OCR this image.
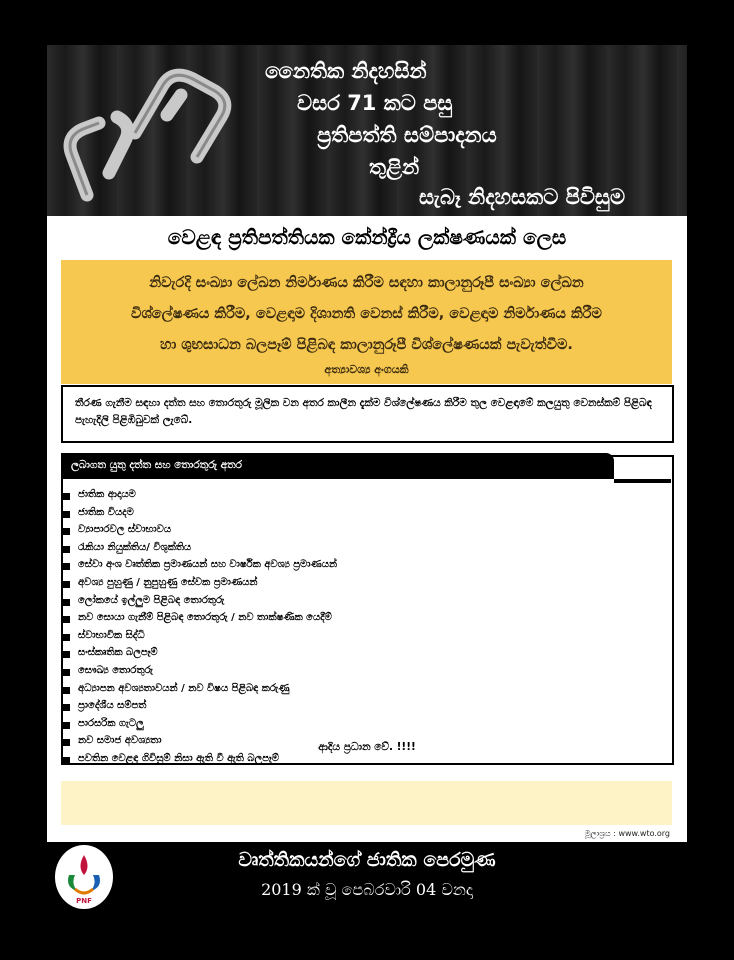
නෛතික නිදහසින්
වසර 71 කට පසු
ප්‍රතිපත්ති සම්පාදනය
තුළින්
සැබෑ නිදහසකට පිවිසුම
වෙළඳ ප්‍රතිපත්තියක කේන්ද්‍රීය ලක්ෂණයක් ලෙස
නිවැරදි සංඛ්‍යා ලේඛන නිර්මාණය කිරීම සඳහා කාලානුරූපී සංඛ්‍යා ලේඛන
විශ්ලේෂණය කිරීම, වෙළඳාම දිශානති වෙනස් කිරීම, වෙළඳාම නිර්මාණය කිරීම
හා ශුභසාධන බලපෑම් පිළිබඳ කාලානුරූපී විශ්ලේෂණයක් පැවැත්වීම.
අත්‍යාවශ්‍ය අංගයකි

තීරණ ගැනීම සඳහා දත්ත සහ තොරතුරු මූලික වන අතර කාලීන දැක්ම විශ්ලේෂණය කිරීම තුල වෙළඳාමේ කලයුතු වෙනස්කම් පිළිබඳ පැහැදිලි පිළිඹිබුවක් ලැබේ.

ලබාගත යුතු දත්ත සහ තොරතුරු අතර
ජාතික ආදායම
ජාතික වියදම
ව්‍යාපාරවල ස්වාභාවය
රැකියා නියුක්තිය/ විශුක්තිය
සේවා අංශ වෘත්තික ප්‍රමාණයන් සහ වාර්ෂික අවශ්‍ය ප්‍රමාණයන්
අවශ්‍ය පුහුණු / නුපුහුණු සේවක ප්‍රමාණයන්
ලෝකයේ ඉල්ලුම පිළිබඳ තොරතුරු
නව සොයා ගැනීම් පිළිබඳ තොරතුරු / නව තාක්ෂණික යෙදීම්
ස්වාභාවික සිද්ධි
සංස්කෘතික බලපෑම්
සෞඛ්‍ය තොරතුරු
අධ්‍යාපන අවශ්‍යතාවයන් / නව විෂය පිළිබඳ කරුණු
ප්‍රාදේශීය සම්පත්
පාරසරික ගැටලු
නව සමාජ අවශ්‍යතා
පවතින වෙළඳ ගිවිසුම් නිසා ඇති වී ඇති බලපෑම්
ආදිය ප්‍රධාන වේ. !!!!
මූලාශ්‍රය : www.wto.org
PNF
වෘත්තිකයන්ගේ ජාතික පෙරමුණ
2019 ක් වූ පෙබරවාරි 04 වනදා
